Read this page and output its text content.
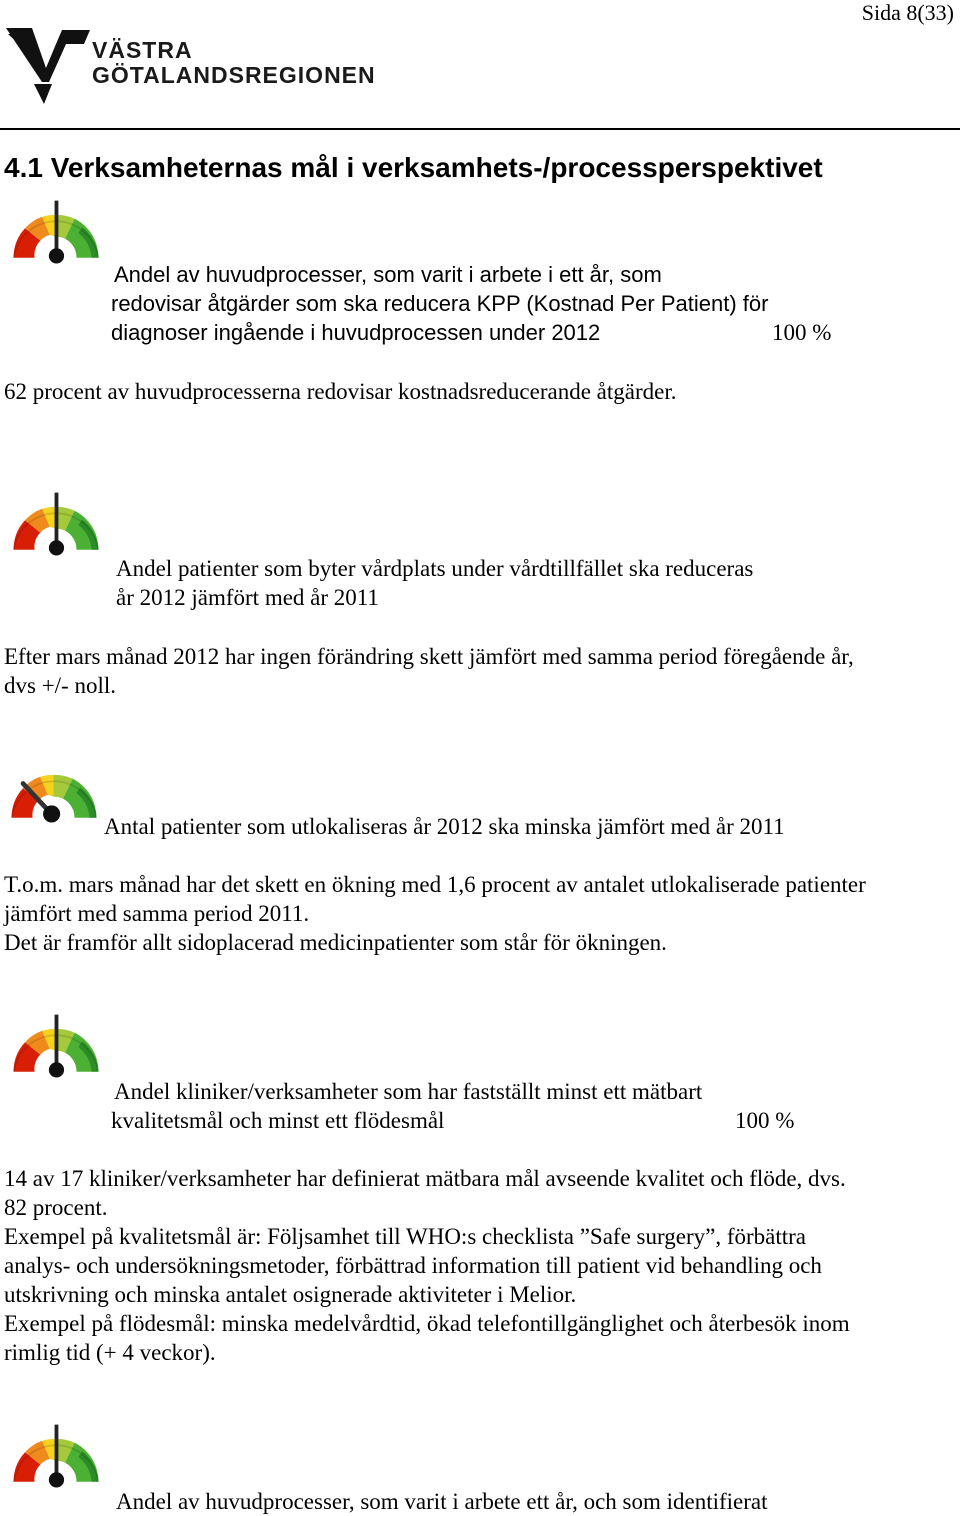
Sida 8(33)
VÄSTRA
GÖTALANDSREGIONEN
4.1 Verksamheternas mål i verksamhets-/processperspektivet
Andel av huvudprocesser, som varit i arbete i ett år, som
redovisar åtgärder som ska reducera KPP (Kostnad Per Patient) för
diagnoser ingående i huvudprocessen under 2012	100 %
62 procent av huvudprocesserna redovisar kostnadsreducerande åtgärder.
Andel patienter som byter vårdplats under vårdtillfället ska reduceras
år 2012 jämfört med år 2011
Efter mars månad 2012 har ingen förändring skett jämfört med samma period föregående år,
dvs +/- noll.
Antal patienter som utlokaliseras år 2012 ska minska jämfört med år 2011
T.o.m. mars månad har det skett en ökning med 1,6 procent av antalet utlokaliserade patienter
jämfört med samma period 2011.
Det är framför allt sidoplacerad medicinpatienter som står för ökningen.
Andel kliniker/verksamheter som har fastställt minst ett mätbart
kvalitetsmål och minst ett flödesmål	100 %
14 av 17 kliniker/verksamheter har definierat mätbara mål avseende kvalitet och flöde, dvs.
82 procent.
Exempel på kvalitetsmål är: Följsamhet till WHO:s checklista ”Safe surgery”, förbättra
analys- och undersökningsmetoder, förbättrad information till patient vid behandling och
utskrivning och minska antalet osignerade aktiviteter i Melior.
Exempel på flödesmål: minska medelvårdtid, ökad telefontillgänglighet och återbesök inom
rimlig tid (+ 4 veckor).
Andel av huvudprocesser, som varit i arbete ett år, och som identifierat
